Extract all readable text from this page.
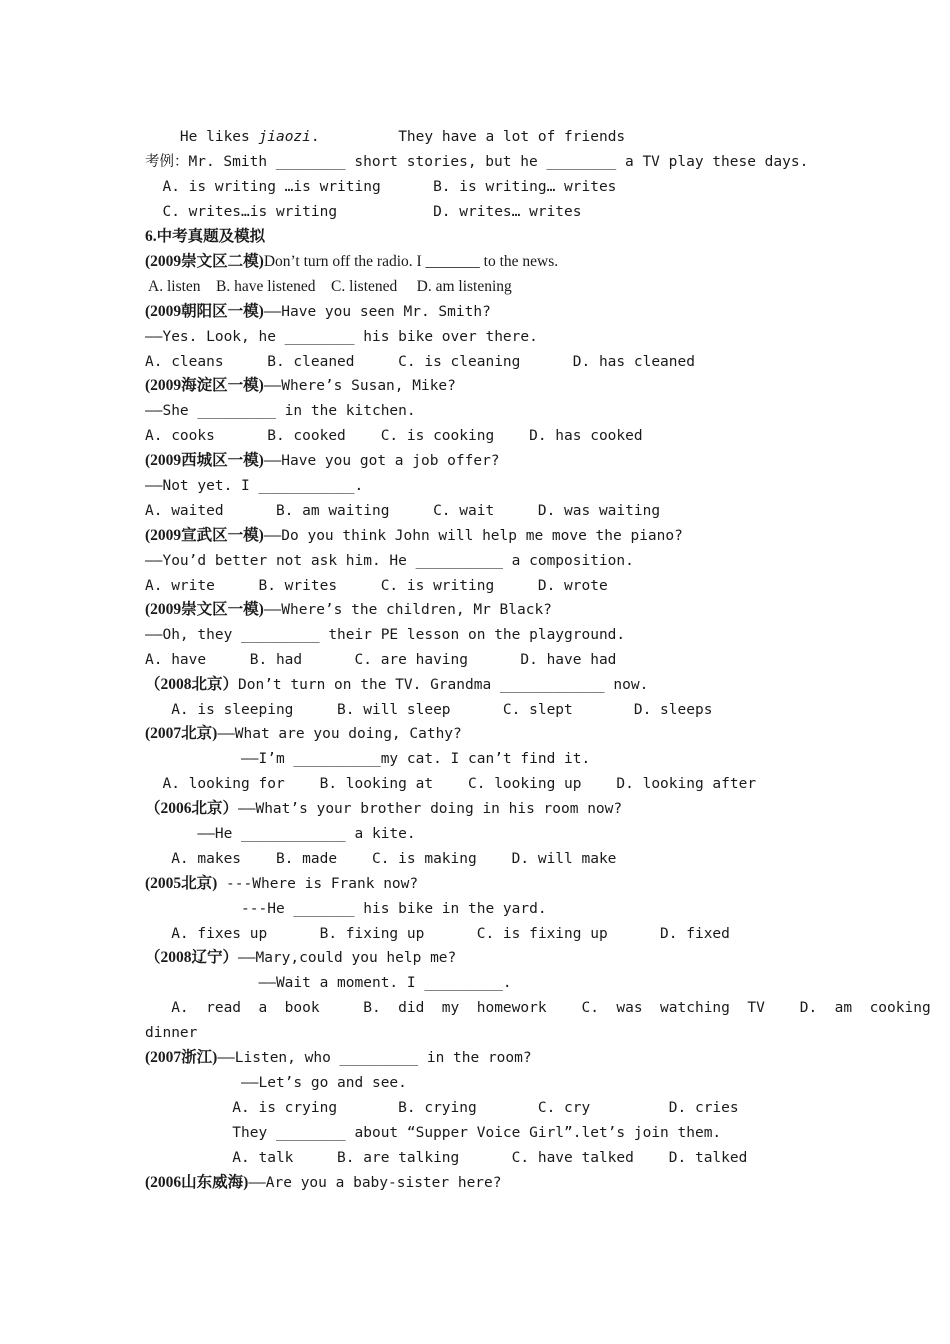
He likes jiaozi.         They have a lot of friends
考例：Mr. Smith ________ short stories, but he ________ a TV play these days.
A. is writing …is writing      B. is writing… writes
C. writes…is writing           D. writes… writes
6.中考真题及模拟
(2009崇文区二模)Don’t turn off the radio. I _______ to the news.
A. listen    B. have listened    C. listened     D. am listening
(2009朝阳区一模)——Have you seen Mr. Smith?
——Yes. Look, he ________ his bike over there.
A. cleans     B. cleaned     C. is cleaning      D. has cleaned
(2009海淀区一模)——Where’s Susan, Mike?
——She _________ in the kitchen.
A. cooks      B. cooked    C. is cooking    D. has cooked
(2009西城区一模)——Have you got a job offer?
——Not yet. I ___________.
A. waited      B. am waiting     C. wait     D. was waiting
(2009宣武区一模)——Do you think John will help me move the piano?
——You’d better not ask him. He __________ a composition.
A. write     B. writes     C. is writing     D. wrote
(2009崇文区一模)——Where’s the children, Mr Black?
——Oh, they _________ their PE lesson on the playground.
A. have     B. had      C. are having      D. have had
（2008北京）Don’t turn on the TV. Grandma ____________ now.
A. is sleeping     B. will sleep      C. slept       D. sleeps
(2007北京)——What are you doing, Cathy?
——I’m __________my cat. I can’t find it.
A. looking for    B. looking at    C. looking up    D. looking after
（2006北京）——What’s your brother doing in his room now?
——He ____________ a kite.
A. makes    B. made    C. is making    D. will make
(2005北京) ---Where is Frank now?
---He _______ his bike in the yard.
A. fixes up      B. fixing up      C. is fixing up      D. fixed
（2008辽宁）——Mary,could you help me?
——Wait a moment. I _________.
A.  read  a  book     B.  did  my  homework    C.  was  watching  TV    D.  am  cooking
dinner
(2007浙江)——Listen, who _________ in the room?
——Let’s go and see.
A. is crying       B. crying       C. cry         D. cries
They ________ about “Supper Voice Girl”.let’s join them.
A. talk     B. are talking      C. have talked    D. talked
(2006山东威海)——Are you a baby-sister here?
